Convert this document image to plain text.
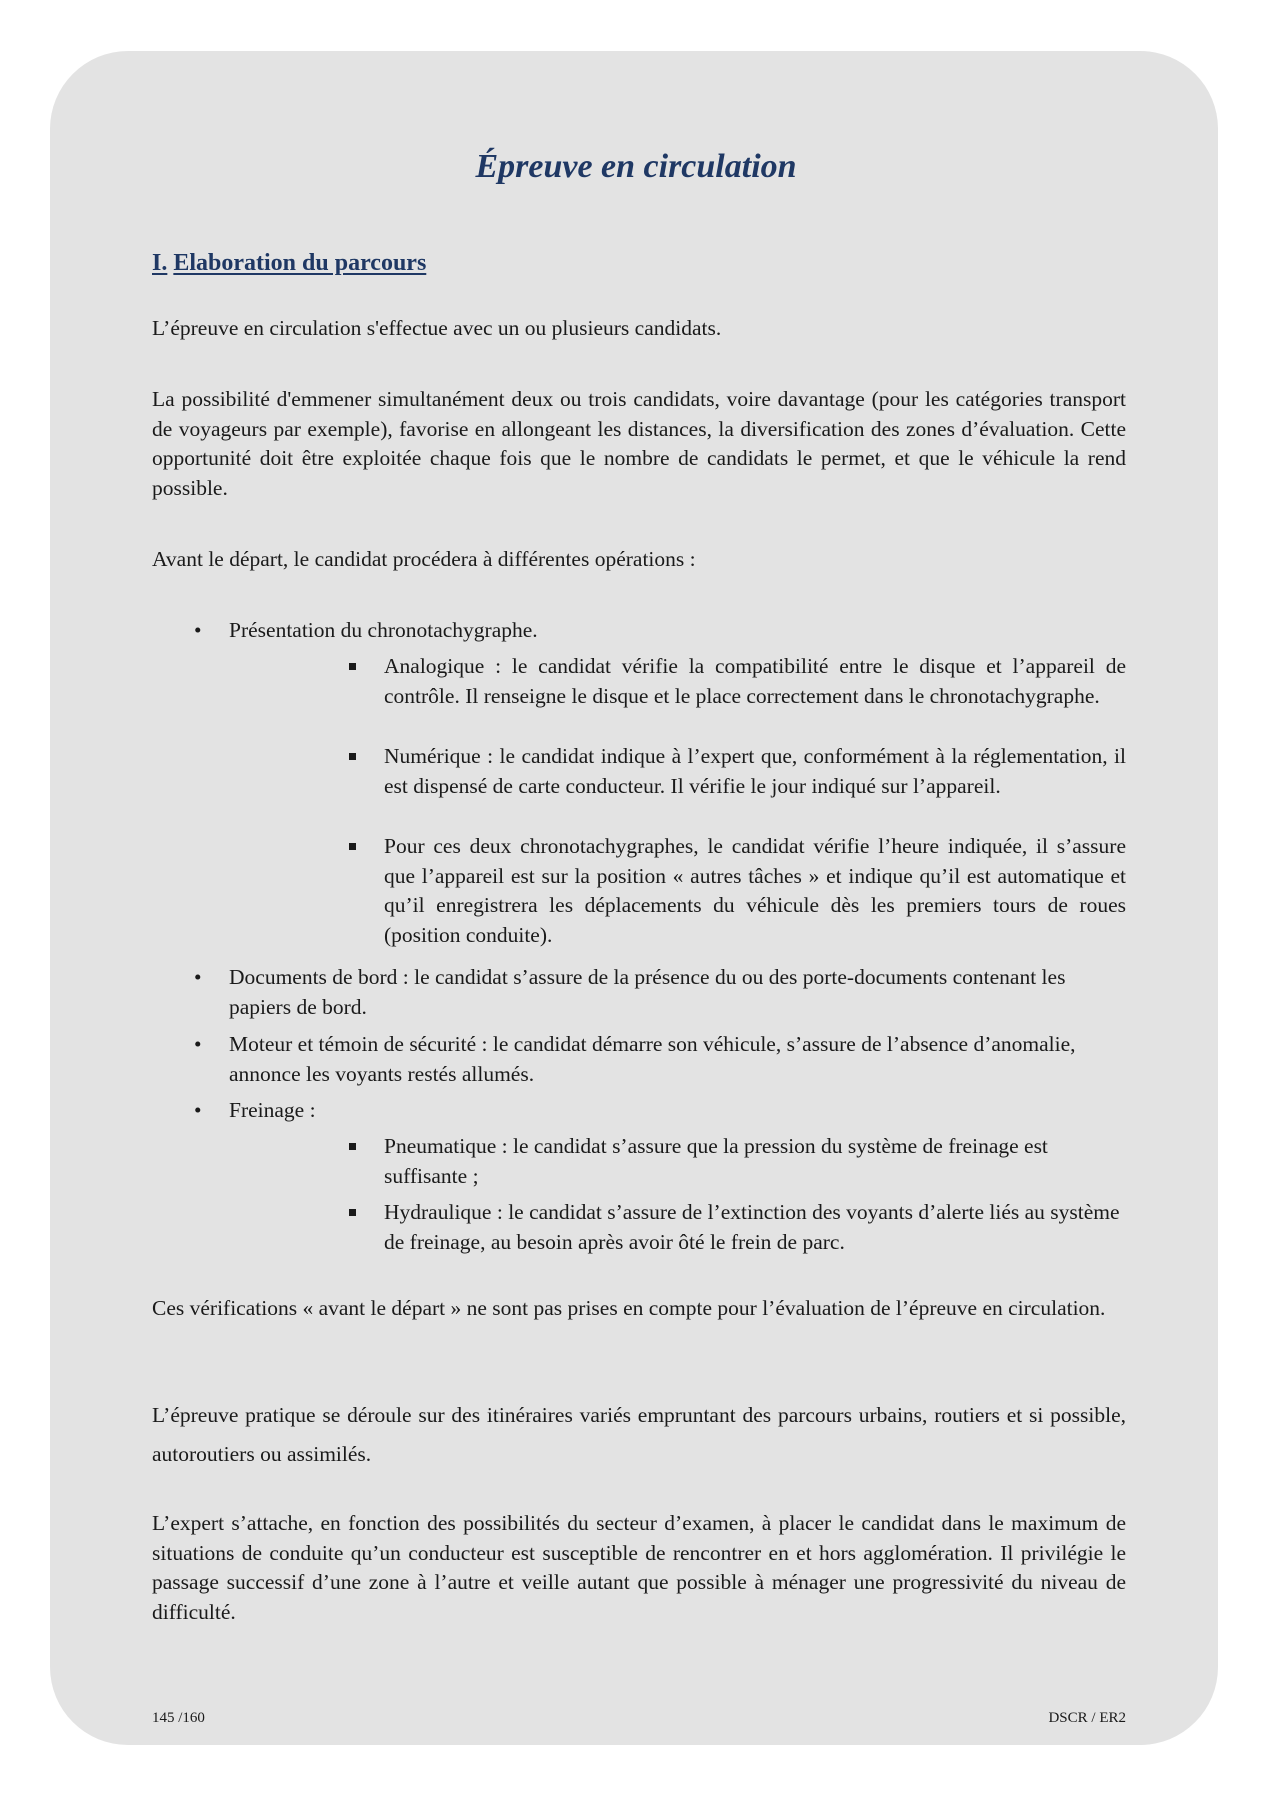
Épreuve en circulation
I. Elaboration du parcours

L’épreuve en circulation s'effectue avec un ou plusieurs candidats.

La possibilité d'emmener simultanément deux ou trois candidats, voire davantage (pour les catégories transport de voyageurs par exemple), favorise en allongeant les distances, la diversification des zones d’évaluation. Cette opportunité doit être exploitée chaque fois que le nombre de candidats le permet, et que le véhicule la rend possible.

Avant le départ, le candidat procédera à différentes opérations :

• Présentation du chronotachygraphe.

Analogique : le candidat vérifie la compatibilité entre le disque et l’appareil de contrôle. Il renseigne le disque et le place correctement dans le chronotachygraphe.

Numérique : le candidat indique à l’expert que, conformément à la réglementation, il est dispensé de carte conducteur. Il vérifie le jour indiqué sur l’appareil.

Pour ces deux chronotachygraphes, le candidat vérifie l’heure indiquée, il s’assure que l’appareil est sur la position « autres tâches » et indique qu’il est automatique et qu’il enregistrera les déplacements du véhicule dès les premiers tours de roues (position conduite).

• Documents de bord : le candidat s’assure de la présence du ou des porte-documents contenant les papiers de bord.

• Moteur et témoin de sécurité : le candidat démarre son véhicule, s’assure de l’absence d’anomalie, annonce les voyants restés allumés.

• Freinage :

Pneumatique : le candidat s’assure que la pression du système de freinage est suffisante ;

Hydraulique : le candidat s’assure de l’extinction des voyants d’alerte liés au système de freinage, au besoin après avoir ôté le frein de parc.

Ces vérifications « avant le départ » ne sont pas prises en compte pour l’évaluation de l’épreuve en circulation.

L’épreuve pratique se déroule sur des itinéraires variés empruntant des parcours urbains, routiers et si possible, autoroutiers ou assimilés.

L’expert s’attache, en fonction des possibilités du secteur d’examen, à placer le candidat dans le maximum de situations de conduite qu’un conducteur est susceptible de rencontrer en et hors agglomération. Il privilégie le passage successif d’une zone à l’autre et veille autant que possible à ménager une progressivité du niveau de difficulté.

145 /160	DSCR / ER2
